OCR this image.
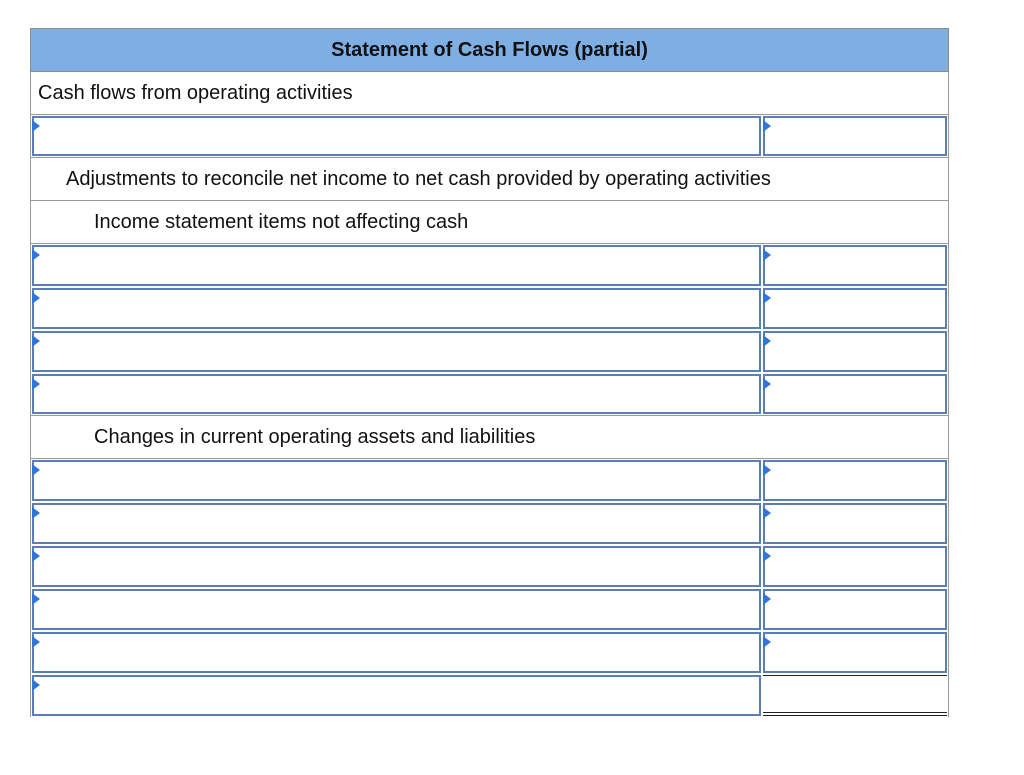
Statement of Cash Flows (partial)
Cash flows from operating activities
Adjustments to reconcile net income to net cash provided by operating activities
Income statement items not affecting cash
Changes in current operating assets and liabilities
